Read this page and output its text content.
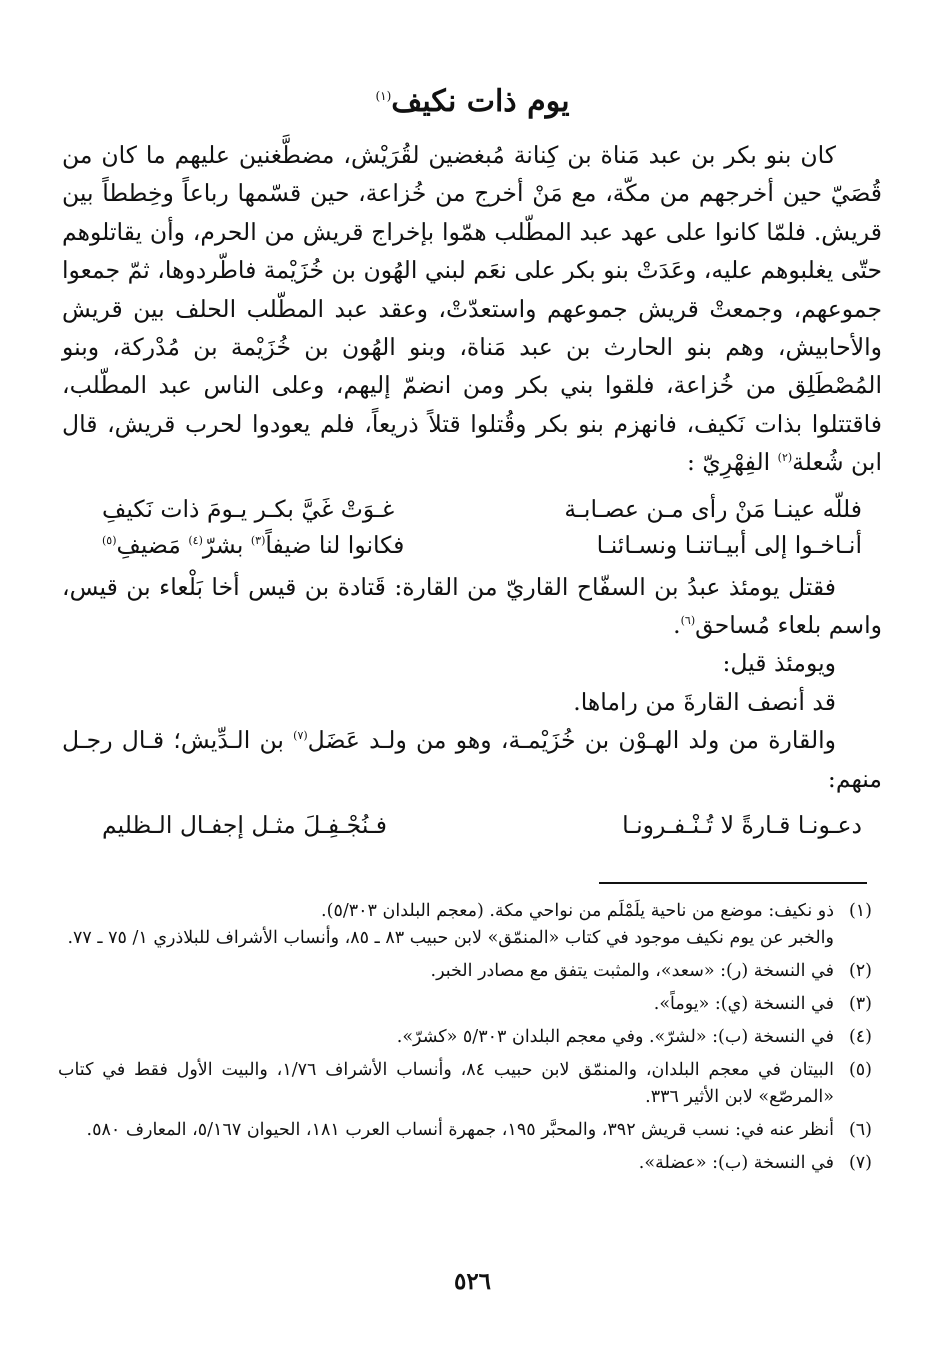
يوم ذات نكيف$^{(١)}$

كان بنو بكر بن عبد مَناة بن كِنانة مُبغضين لقُرَيْش، مضطَّغنين عليهم ما كان من قُصَيّ حين أخرجهم من مكّة، مع مَنْ أخرج من خُزاعة، حين قسّمها رباعاً وخِططاً بين قريش. فلمّا كانوا على عهد عبد المطّلب همّوا بإخراج قريش من الحرم، وأن يقاتلوهم حتّى يغلبوهم عليه، وعَدَتْ بنو بكر على نعَم لبني الهُون بن خُزَيْمة فاطّردوها، ثمّ جمعوا جموعهم، وجمعتْ قريش جموعهم واستعدّتْ، وعقد عبد المطّلب الحلف بين قريش والأحابيش، وهم بنو الحارث بن عبد مَناة، وبنو الهُون بن خُزَيْمة بن مُدْركة، وبنو المُصْطَلِق من خُزاعة، فلقوا بني بكر ومن انضمّ إليهم، وعلى الناس عبد المطّلب، فاقتتلوا بذات نَكيف، فانهزم بنو بكر وقُتلوا قتلاً ذريعاً، فلم يعودوا لحرب قريش، قال ابن شُعلة$^{(٢)}$ الفِهْرِيّ :

فللّه عينـا مَنْ رأى مـن عصـابـة
غـوَتْ غَيَّ بكـر يـومَ ذات نَكيفِ
أنـاخـوا إلى أبيـاتنـا ونسـائنـا
فكانوا لنا ضيفاً$^{(٣)}$ بشرّ$^{(٤)}$ مَضيفِ$^{(٥)}$

فقتل يومئذ عبدُ بن السفّاح القاريّ من القارة: قَتادة بن قيس أخا بَلْعاء بن قيس، واسم بلعاء مُساحق$^{(٦)}$.

ويومئذ قيل:

قد أنصف القارةَ من راماها.

والقارة من ولد الهـوْن بن خُزَيْمـة، وهو من ولـد عَضَل$^{(٧)}$ بن الـدِّيش؛ قـال رجـل منهم:

دعـونـا قـارةً لا تُـنْـفـرونـا
فـنُجْـفِـلَ مثـل إجفـال الـظليم
(١)

ذو نكيف: موضع من ناحية يلَمْلَم من نواحي مكة. (معجم البلدان ٥/٣٠٣).

والخبر عن يوم نكيف موجود في كتاب «المنمّق» لابن حبيب ٨٣ ـ ٨٥، وأنساب الأشراف للبلاذري ١/ ٧٥ ـ ٧٧.

(٢)

في النسخة (ر): «سعد»، والمثبت يتفق مع مصادر الخبر.

(٣)

في النسخة (ي): «يوماً».

(٤)

في النسخة (ب): «لشرّ». وفي معجم البلدان ٥/٣٠٣ «كشرّ».

(٥)

البيتان في معجم البلدان، والمنمّق لابن حبيب ٨٤، وأنساب الأشراف ١/٧٦، والبيت الأول فقط في كتاب «المرصّع» لابن الأثير ٣٣٦.

(٦)

أنظر عنه في: نسب قريش ٣٩٢، والمحبَّر ١٩٥، جمهرة أنساب العرب ١٨١، الحيوان ٥/١٦٧، المعارف ٥٨٠.

(٧)

في النسخة (ب): «عضلة».

٥٢٦
